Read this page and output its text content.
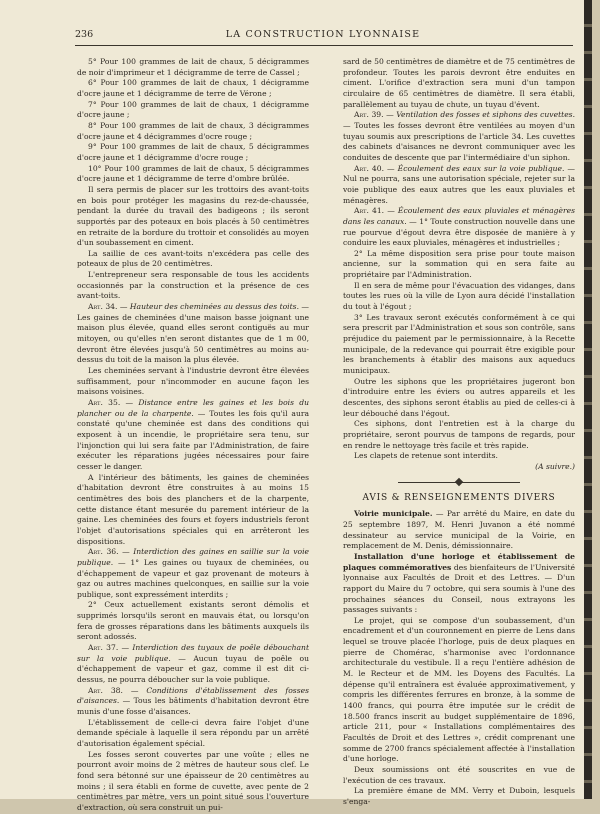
236	LA CONSTRUCTION LYONNAISE

5° Pour 100 grammes de lait de chaux, 5 décigrammes de noir d'imprimeur et 1 décigramme de terre de Cassel ;

6° Pour 100 grammes de lait de chaux, 1 décigramme d'ocre jaune et 1 décigramme de terre de Vérone ;

7° Pour 100 grammes de lait de chaux, 1 décigramme d'ocre jaune ;

8° Pour 100 grammes de lait de chaux, 3 décigrammes d'ocre jaune et 4 décigrammes d'ocre rouge ;

9° Pour 100 grammes de lait de chaux, 5 décigrammes d'ocre jaune et 1 décigramme d'ocre rouge ;

10° Pour 100 grammes de lait de chaux, 5 décigrammes d'ocre jaune et 1 décigramme de terre d'ombre brûlée.

Il sera permis de placer sur les trottoirs des avant-toits en bois pour protéger les magasins du rez-de-chaussée, pendant la durée du travail des badigeons ; ils seront supportés par des poteaux en bois placés à 50 centimètres en retraite de la bordure du trottoir et consolidés au moyen d'un soubassement en ciment.

La saillie de ces avant-toits n'excédera pas celle des poteaux de plus de 20 centimètres.

L'entrepreneur sera responsable de tous les accidents occasionnés par la construction et la présence de ces avant-toits.

Art. 34. — Hauteur des cheminées au dessus des toits. — Les gaines de cheminées d'une maison basse joignant une maison plus élevée, quand elles seront contiguës au mur mitoyen, ou qu'elles n'en seront distantes que de 1 m 00, devront être élevées jusqu'à 50 centimètres au moins au-dessus du toit de la maison la plus élevée.

Les cheminées servant à l'industrie devront être élevées suffisamment, pour n'incommoder en aucune façon les maisons voisines.

Art. 35. — Distance entre les gaines et les bois du plancher ou de la charpente. — Toutes les fois qu'il aura constaté qu'une cheminée est dans des conditions qui exposent à un incendie, le propriétaire sera tenu, sur l'injonction qui lui sera faite par l'Administration, de faire exécuter les réparations jugées nécessaires pour faire cesser le danger.

A l'intérieur des bâtiments, les gaines de cheminées d'habitation devront être construites à au moins 15 centimètres des bois des planchers et de la charpente, cette distance étant mesurée du parement intérieur de la gaine. Les cheminées des fours et foyers industriels feront l'objet d'autorisations spéciales qui en arrêteront les dispositions.

Art. 36. — Interdiction des gaines en saillie sur la voie publique. — 1° Les gaines ou tuyaux de cheminées, ou d'échappement de vapeur et gaz provenant de moteurs à gaz ou autres machines quelconques, en saillie sur la voie publique, sont expressément interdits ;

2° Ceux actuellement existants seront démolis et supprimés lorsqu'ils seront en mauvais état, ou lorsqu'on fera de grosses réparations dans les bâtiments auxquels ils seront adossés.

Art. 37. — Interdiction des tuyaux de poêle débouchant sur la voie publique. — Aucun tuyau de poêle ou d'échappement de vapeur et gaz, comme il est dit ci-dessus, ne pourra déboucher sur la voie publique.

Art. 38. — Conditions d'établissement des fosses d'aisances. — Tous les bâtiments d'habitation devront être munis d'une fosse d'aisances.

L'établissement de celle-ci devra faire l'objet d'une demande spéciale à laquelle il sera répondu par un arrêté d'autorisation également spécial.

Les fosses seront couvertes par une voûte ; elles ne pourront avoir moins de 2 mètres de hauteur sous clef. Le fond sera bétonné sur une épaisseur de 20 centimètres au moins ; il sera établi en forme de cuvette, avec pente de 2 centimètres par mètre, vers un point situé sous l'ouverture d'extraction, où sera construit un pui-

sard de 50 centimètres de diamètre et de 75 centimètres de profondeur. Toutes les parois devront être enduites en ciment. L'orifice d'extraction sera muni d'un tampon circulaire de 65 centimètres de diamètre. Il sera établi, parallèlement au tuyau de chute, un tuyau d'évent.

Art. 39. — Ventilation des fosses et siphons des cuvettes. — Toutes les fosses devront être ventilées au moyen d'un tuyau soumis aux prescriptions de l'article 34. Les cuvettes des cabinets d'aisances ne devront communiquer avec les conduites de descente que par l'intermédiaire d'un siphon.

Art. 40. — Écoulement des eaux sur la voie publique. — Nul ne pourra, sans une autorisation spéciale, rejeter sur la voie publique des eaux autres que les eaux pluviales et ménagères.

Art. 41. — Écoulement des eaux pluviales et ménagères dans les canaux. — 1° Toute construction nouvelle dans une rue pourvue d'égout devra être disposée de manière à y conduire les eaux pluviales, ménagères et industrielles ;

2° La même disposition sera prise pour toute maison ancienne, sur la sommation qui en sera faite au propriétaire par l'Administration.

Il en sera de même pour l'évacuation des vidanges, dans toutes les rues où la ville de Lyon aura décidé l'installation du tout à l'égout ;

3° Les travaux seront exécutés conformément à ce qui sera prescrit par l'Administration et sous son contrôle, sans préjudice du paiement par le permissionnaire, à la Recette municipale, de la redevance qui pourrait être exigible pour les branchements à établir des maisons aux aqueducs municipaux.

Outre les siphons que les propriétaires jugeront bon d'introduire entre les éviers ou autres appareils et les descentes, des siphons seront établis au pied de celles-ci à leur débouché dans l'égout.

Ces siphons, dont l'entretien est à la charge du propriétaire, seront pourvus de tampons de regards, pour en rendre le nettoyage très facile et très rapide.

Les clapets de retenue sont interdits.

(A suivre.)

AVIS & RENSEIGNEMENTS DIVERS

Voirie municipale. — Par arrêté du Maire, en date du 25 septembre 1897, M. Henri Juvanon a été nommé dessinateur au service municipal de la Voirie, en remplacement de M. Denis, démissionnaire.

Installation d'une horloge et établissement de plaques commémoratives des bienfaiteurs de l'Université lyonnaise aux Facultés de Droit et des Lettres. — D'un rapport du Maire du 7 octobre, qui sera soumis à l'une des prochaines séances du Conseil, nous extrayons les passages suivants :

Le projet, qui se compose d'un soubassement, d'un encadrement et d'un couronnement en pierre de Lens dans lequel se trouve placée l'horloge, puis de deux plaques en pierre de Chomérac, s'harmonise avec l'ordonnance architecturale du vestibule. Il a reçu l'entière adhésion de M. le Recteur et de MM. les Doyens des Facultés. La dépense qu'il entraînera est évaluée approximativement, y compris les différentes ferrures en bronze, à la somme de 1400 francs, qui pourra être imputée sur le crédit de 18.500 francs inscrit au budget supplémentaire de 1896, article 211, pour « Installations complémentaires des Facultés de Droit et des Lettres », crédit comprenant une somme de 2700 francs spécialement affectée à l'installation d'une horloge.

Deux soumissions ont été souscrites en vue de l'exécution de ces travaux.

La première émane de MM. Verry et Duboin, lesquels s'enga-
